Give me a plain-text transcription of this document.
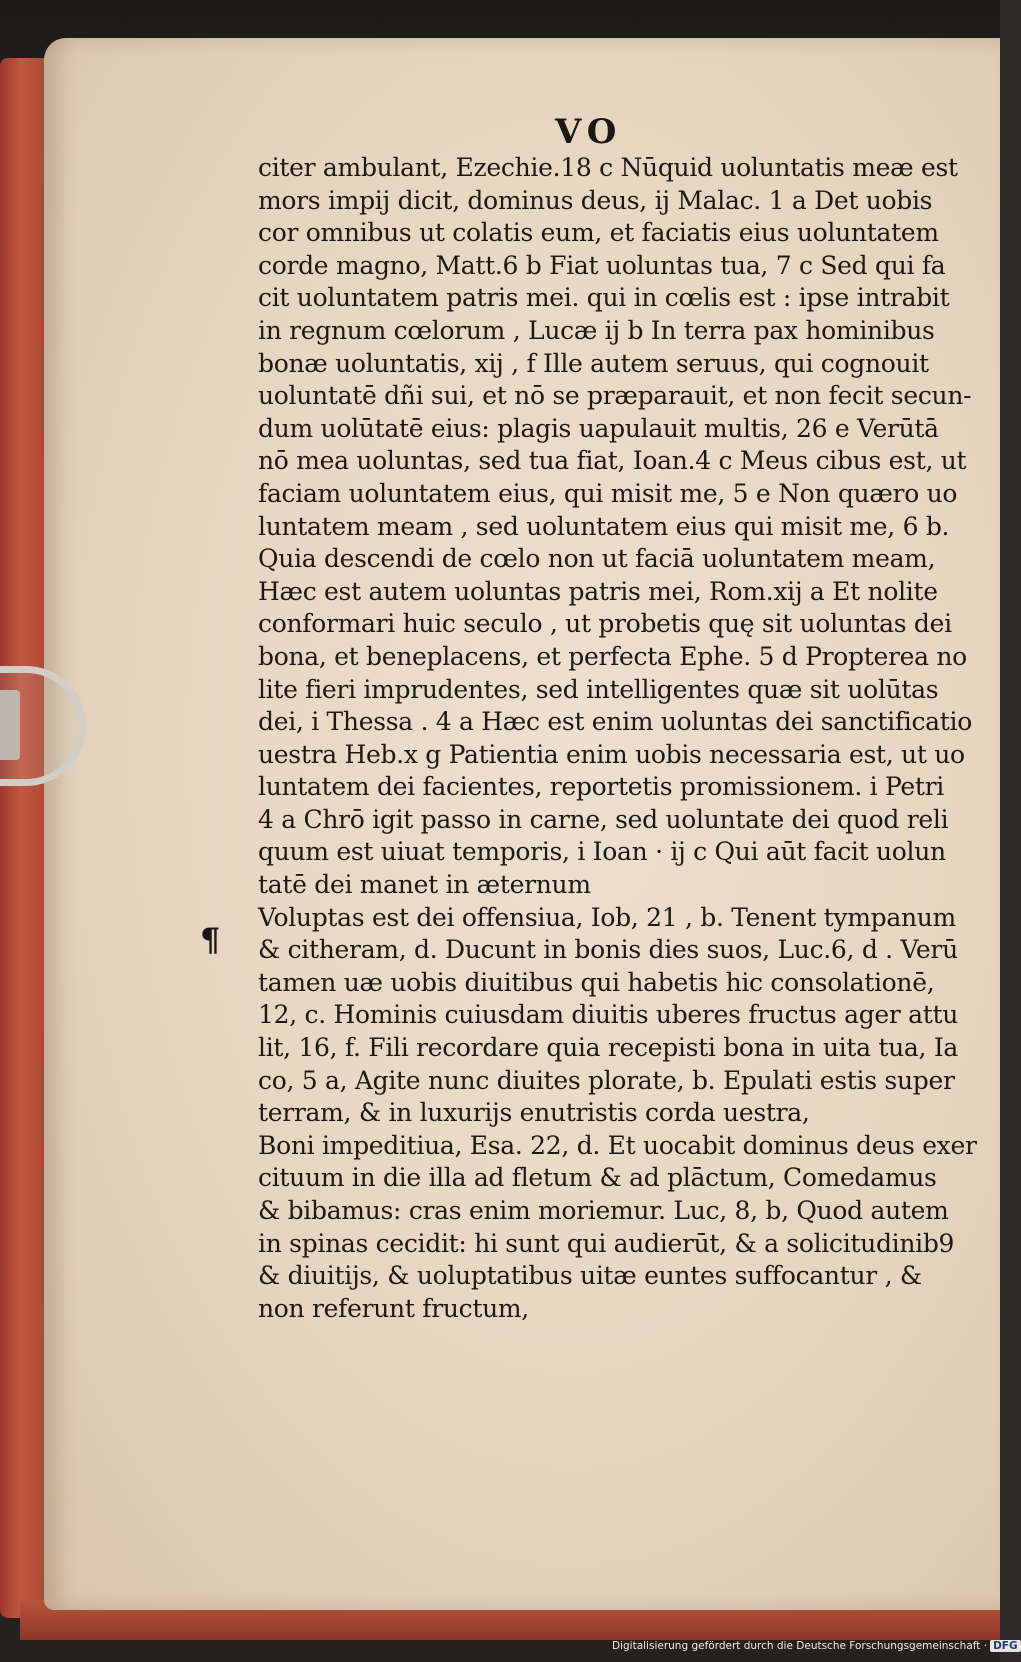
VO
¶
citer ambulant, Ezechie.18 c Nūquid uoluntatis meæ est
mors impij dicit, dominus deus, ij Malac. 1 a Det uobis
cor omnibus ut colatis eum, et faciatis eius uoluntatem
corde magno, Matt.6 b Fiat uoluntas tua, 7 c Sed qui fa
cit uoluntatem patris mei. qui in cœlis est : ipse intrabit
in regnum cœlorum , Lucæ ij b In terra pax hominibus
bonæ uoluntatis, xij , f Ille autem seruus, qui cognouit
uoluntatē dñi sui, et nō se præparauit, et non fecit secun-
dum uolūtatē eius: plagis uapulauit multis, 26 e Verūtā
nō mea uoluntas, sed tua fiat, Ioan.4 c Meus cibus est, ut
faciam uoluntatem eius, qui misit me, 5 e Non quæro uo
luntatem meam , sed uoluntatem eius qui misit me, 6 b.
Quia descendi de cœlo non ut faciā uoluntatem meam,
Hæc est autem uoluntas patris mei, Rom.xij a Et nolite
conformari huic seculo , ut probetis quę sit uoluntas dei
bona, et beneplacens, et perfecta Ephe. 5 d Propterea no
lite fieri imprudentes, sed intelligentes quæ sit uolūtas
dei, i Thessa . 4 a Hæc est enim uoluntas dei sanctificatio
uestra Heb.x g Patientia enim uobis necessaria est, ut uo
luntatem dei facientes, reportetis promissionem. i Petri
4 a Chrō igit passo in carne, sed uoluntate dei quod reli
quum est uiuat temporis, i Ioan · ij c Qui aūt facit uolun
tatē dei manet in æternum
Voluptas est dei offensiua, Iob, 21 , b. Tenent tympanum
& citheram, d. Ducunt in bonis dies suos, Luc.6, d . Verū
tamen uæ uobis diuitibus qui habetis hic consolationē,
12, c. Hominis cuiusdam diuitis uberes fructus ager attu
lit, 16, f. Fili recordare quia recepisti bona in uita tua, Ia
co, 5 a, Agite nunc diuites plorate, b. Epulati estis super
terram, & in luxurijs enutristis corda uestra,
Boni impeditiua, Esa. 22, d. Et uocabit dominus deus exer
cituum in die illa ad fletum & ad plāctum, Comedamus
& bibamus: cras enim moriemur. Luc, 8, b, Quod autem
in spinas cecidit: hi sunt qui audierūt, & a solicitudinib9
& diuitijs, & uoluptatibus uitæ euntes suffocantur , &
non referunt fructum,
Digitalisierung gefördert durch die Deutsche Forschungsgemeinschaft · DFG
